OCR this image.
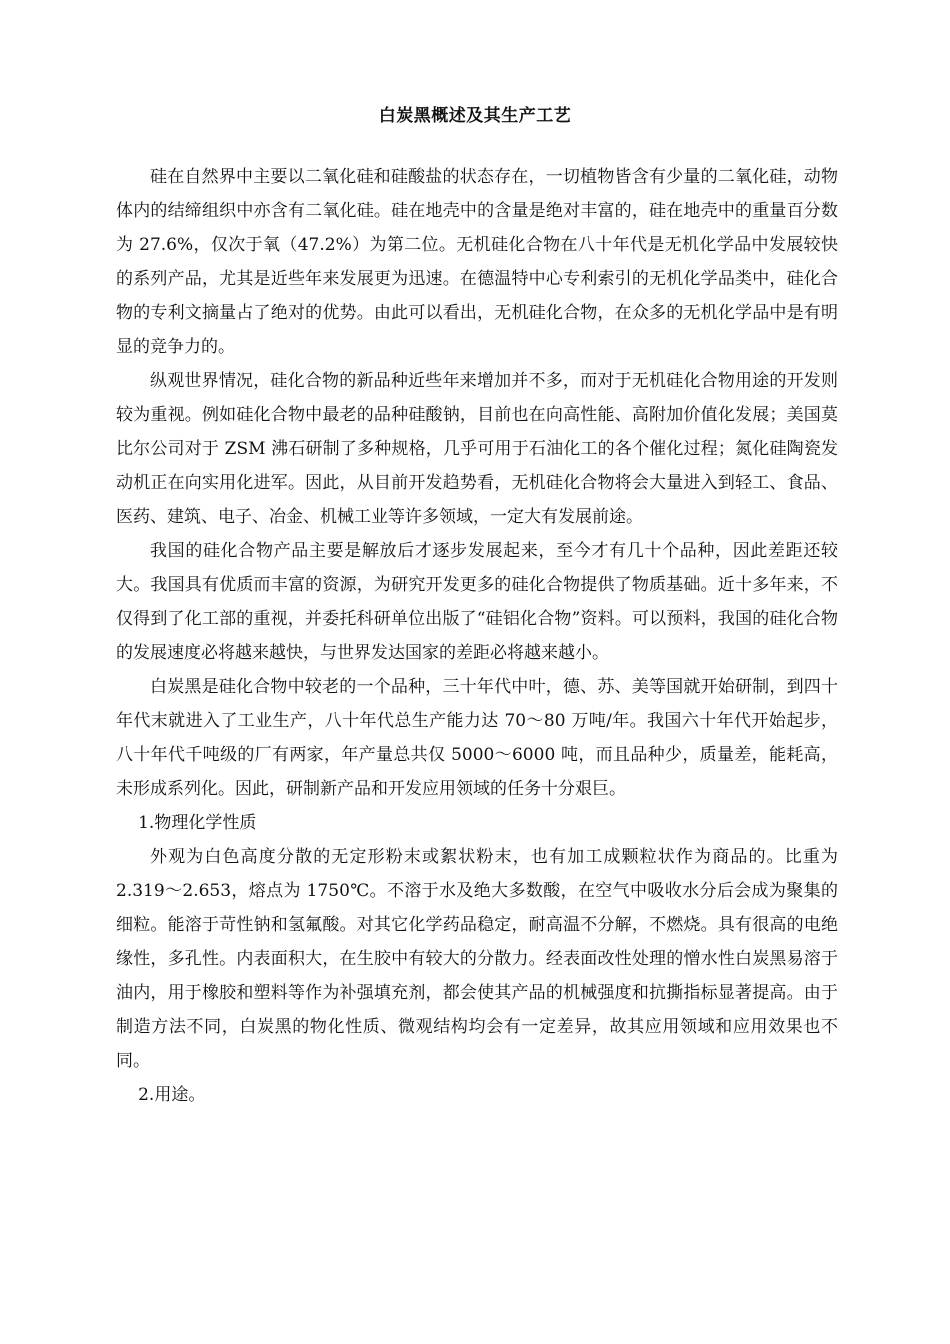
白炭黑概述及其生产工艺

硅在自然界中主要以二氧化硅和硅酸盐的状态存在，一切植物皆含有少量的二氧化硅，动物体内的结缔组织中亦含有二氧化硅。硅在地壳中的含量是绝对丰富的，硅在地壳中的重量百分数为 27.6%，仅次于氧（47.2%）为第二位。无机硅化合物在八十年代是无机化学品中发展较快的系列产品，尤其是近些年来发展更为迅速。在德温特中心专利索引的无机化学品类中，硅化合物的专利文摘量占了绝对的优势。由此可以看出，无机硅化合物，在众多的无机化学品中是有明显的竞争力的。

纵观世界情况，硅化合物的新品种近些年来增加并不多，而对于无机硅化合物用途的开发则较为重视。例如硅化合物中最老的品种硅酸钠，目前也在向高性能、高附加价值化发展；美国莫比尔公司对于 ZSM 沸石研制了多种规格，几乎可用于石油化工的各个催化过程；氮化硅陶瓷发动机正在向实用化进军。因此，从目前开发趋势看，无机硅化合物将会大量进入到轻工、食品、医药、建筑、电子、冶金、机械工业等许多领域，一定大有发展前途。

我国的硅化合物产品主要是解放后才逐步发展起来，至今才有几十个品种，因此差距还较大。我国具有优质而丰富的资源，为研究开发更多的硅化合物提供了物质基础。近十多年来，不仅得到了化工部的重视，并委托科研单位出版了“硅铝化合物”资料。可以预料，我国的硅化合物的发展速度必将越来越快，与世界发达国家的差距必将越来越小。

白炭黑是硅化合物中较老的一个品种，三十年代中叶，德、苏、美等国就开始研制，到四十年代末就进入了工业生产，八十年代总生产能力达 70～80 万吨/年。我国六十年代开始起步，八十年代千吨级的厂有两家，年产量总共仅 5000～6000 吨，而且品种少，质量差，能耗高，未形成系列化。因此，研制新产品和开发应用领域的任务十分艰巨。

1.物理化学性质

外观为白色高度分散的无定形粉末或絮状粉末，也有加工成颗粒状作为商品的。比重为 2.319～2.653，熔点为 1750℃。不溶于水及绝大多数酸，在空气中吸收水分后会成为聚集的细粒。能溶于苛性钠和氢氟酸。对其它化学药品稳定，耐高温不分解，不燃烧。具有很高的电绝缘性，多孔性。内表面积大，在生胶中有较大的分散力。经表面改性处理的憎水性白炭黑易溶于油内，用于橡胶和塑料等作为补强填充剂，都会使其产品的机械强度和抗撕指标显著提高。由于制造方法不同，白炭黑的物化性质、微观结构均会有一定差异，故其应用领域和应用效果也不同。

2.用途。
